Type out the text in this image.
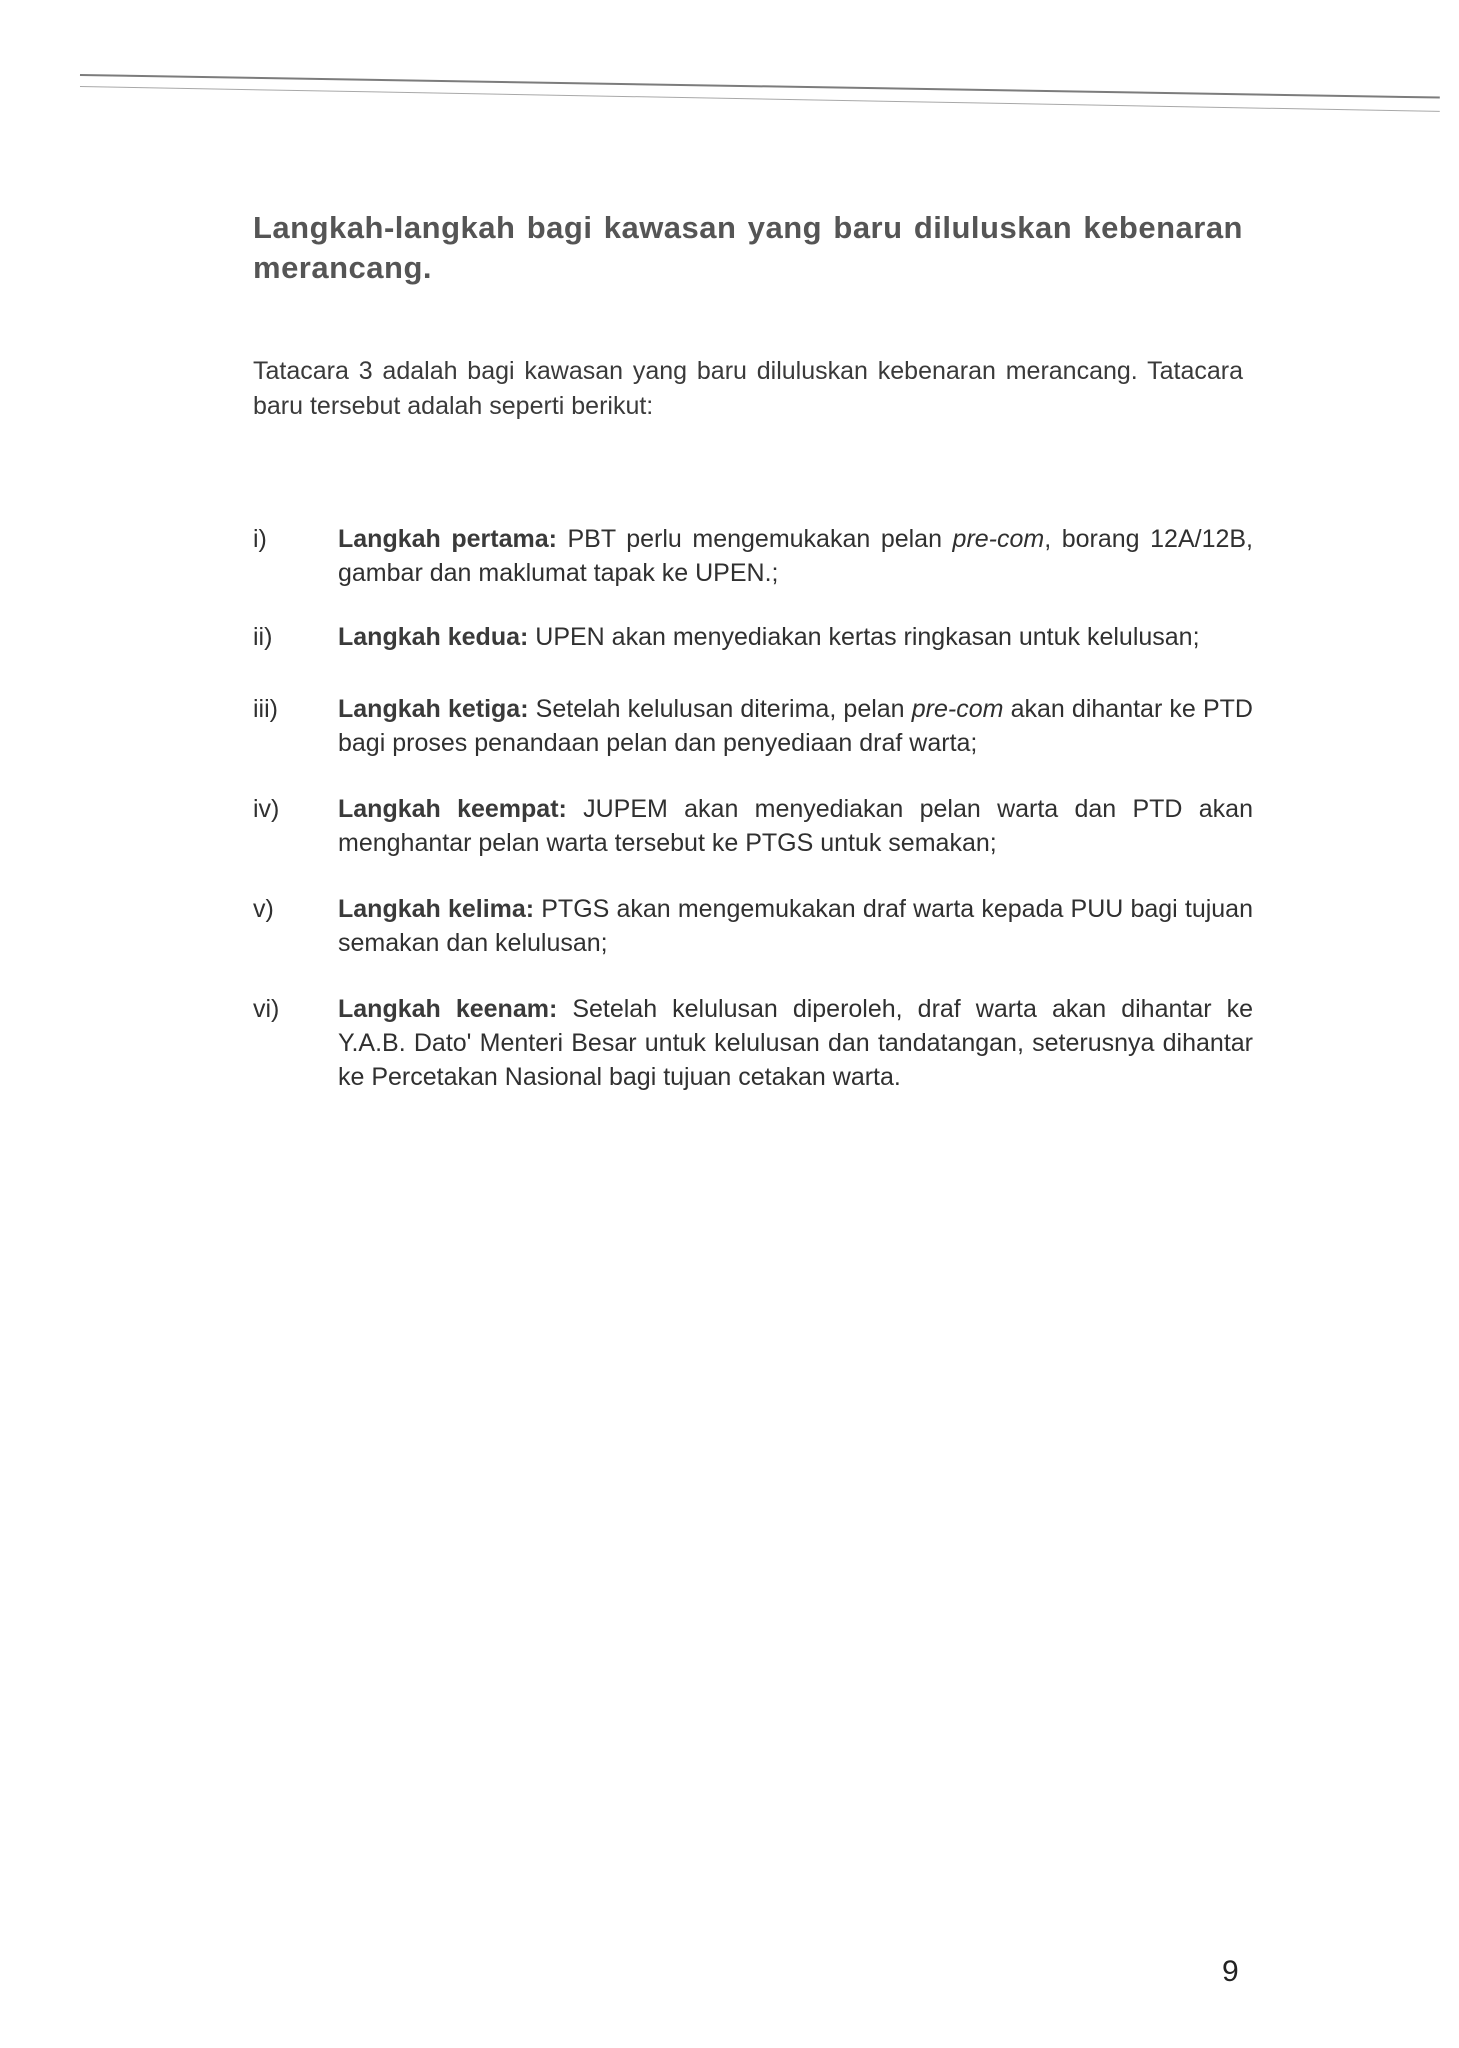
Langkah-langkah bagi kawasan yang baru diluluskan kebenaran merancang.

Tatacara 3 adalah bagi kawasan yang baru diluluskan kebenaran merancang. Tatacara baru tersebut adalah seperti berikut:

i)	Langkah pertama: PBT perlu mengemukakan pelan pre-com, borang 12A/12B, gambar dan maklumat tapak ke UPEN.;
ii)	Langkah kedua: UPEN akan menyediakan kertas ringkasan untuk kelulusan;
iii) Langkah ketiga: Setelah kelulusan diterima, pelan pre-com akan dihantar ke PTD bagi proses penandaan pelan dan penyediaan draf warta;
iv) Langkah keempat: JUPEM akan menyediakan pelan warta dan PTD akan menghantar pelan warta tersebut ke PTGS untuk semakan;
v)	Langkah kelima: PTGS akan mengemukakan draf warta kepada PUU bagi tujuan semakan dan kelulusan;
vi) Langkah keenam: Setelah kelulusan diperoleh, draf warta akan dihantar ke Y.A.B. Dato' Menteri Besar untuk kelulusan dan tandatangan, seterusnya dihantar ke Percetakan Nasional bagi tujuan cetakan warta.
9
